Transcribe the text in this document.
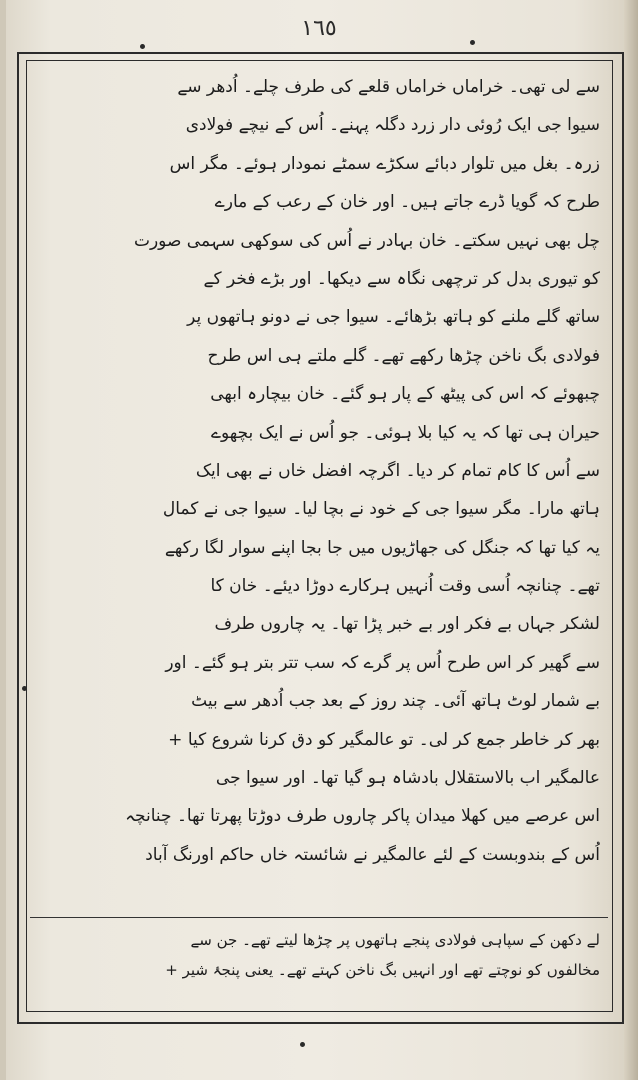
١٦٥
سے لی تھی۔ خراماں خراماں قلعے کی طرف چلے۔ اُدھر سے
سیوا جی ایک رُوئی دار زرد دگلہ پہنے۔ اُس کے نیچے فولادی
زرہ۔ بغل میں تلوار دبائے سکڑے سمٹے نمودار ہوئے۔ مگر اس
طرح کہ گویا ڈرے جاتے ہیں۔ اور خان کے رعب کے مارے
چل بھی نہیں سکتے۔ خان بہادر نے اُس کی سوکھی سہمی صورت
کو تیوری بدل کر ترچھی نگاہ سے دیکھا۔ اور بڑے فخر کے
ساتھ گلے ملنے کو ہاتھ بڑھائے۔ سیوا جی نے دونو ہاتھوں پر
فولادی بگ ناخن چڑھا رکھے تھے۔ گلے ملتے ہی اس طرح
چبھوئے کہ اس کی پیٹھ کے پار ہو گئے۔ خان بیچارہ ابھی
حیران ہی تھا کہ یہ کیا بلا ہوئی۔ جو اُس نے ایک بچھوے
سے اُس کا کام تمام کر دیا۔ اگرچہ افضل خاں نے بھی ایک
ہاتھ مارا۔ مگر سیوا جی کے خود نے بچا لیا۔ سیوا جی نے کمال
یہ کیا تھا کہ جنگل کی جھاڑیوں میں جا بجا اپنے سوار لگا رکھے
تھے۔ چنانچہ اُسی وقت اُنہیں ہرکارے دوڑا دیئے۔ خان کا
لشکر جہاں بے فکر اور بے خبر پڑا تھا۔ یہ چاروں طرف
سے گھیر کر اس طرح اُس پر گرے کہ سب تتر بتر ہو گئے۔ اور
بے شمار لوٹ ہاتھ آئی۔ چند روز کے بعد جب اُدھر سے بیٹ
بھر کر خاطر جمع کر لی۔ تو عالمگیر کو دق کرنا شروع کیا +
عالمگیر اب بالاستقلال بادشاہ ہو گیا تھا۔ اور سیوا جی
اس عرصے میں کھلا میدان پاکر چاروں طرف دوڑتا پھرتا تھا۔ چنانچہ
اُس کے بندوبست کے لئے عالمگیر نے شائستہ خاں حاکم اورنگ آباد
لے دکھن کے سپاہی فولادی پنجے ہاتھوں پر چڑھا لیتے تھے۔ جن سے
مخالفوں کو نوچتے تھے اور انہیں بگ ناخن کہتے تھے۔ یعنی پنجۂ شیر +
